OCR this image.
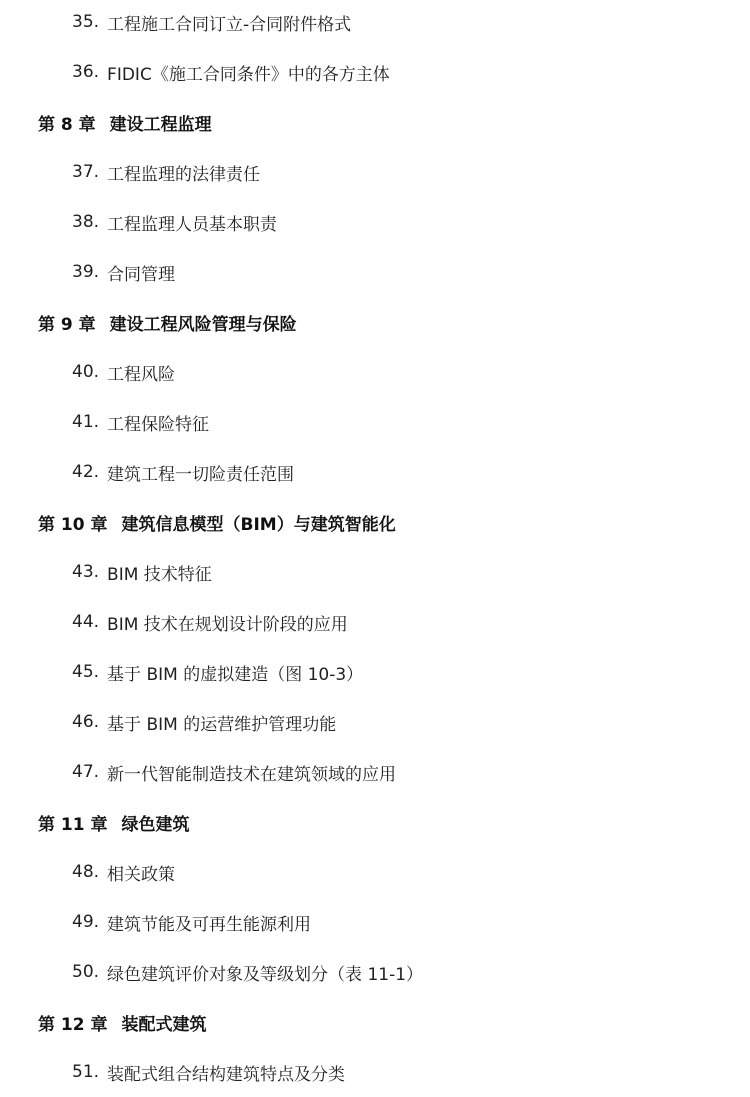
35. 工程施工合同订立-合同附件格式
36. FIDIC《施工合同条件》中的各方主体
第 8 章 建设工程监理
37. 工程监理的法律责任
38. 工程监理人员基本职责
39. 合同管理
第 9 章 建设工程风险管理与保险
40. 工程风险
41. 工程保险特征
42. 建筑工程一切险责任范围
第 10 章 建筑信息模型（BIM）与建筑智能化
43. BIM 技术特征
44. BIM 技术在规划设计阶段的应用
45. 基于 BIM 的虚拟建造（图 10-3）
46. 基于 BIM 的运营维护管理功能
47. 新一代智能制造技术在建筑领域的应用
第 11 章 绿色建筑
48. 相关政策
49. 建筑节能及可再生能源利用
50. 绿色建筑评价对象及等级划分（表 11-1）
第 12 章 装配式建筑
51. 装配式组合结构建筑特点及分类
